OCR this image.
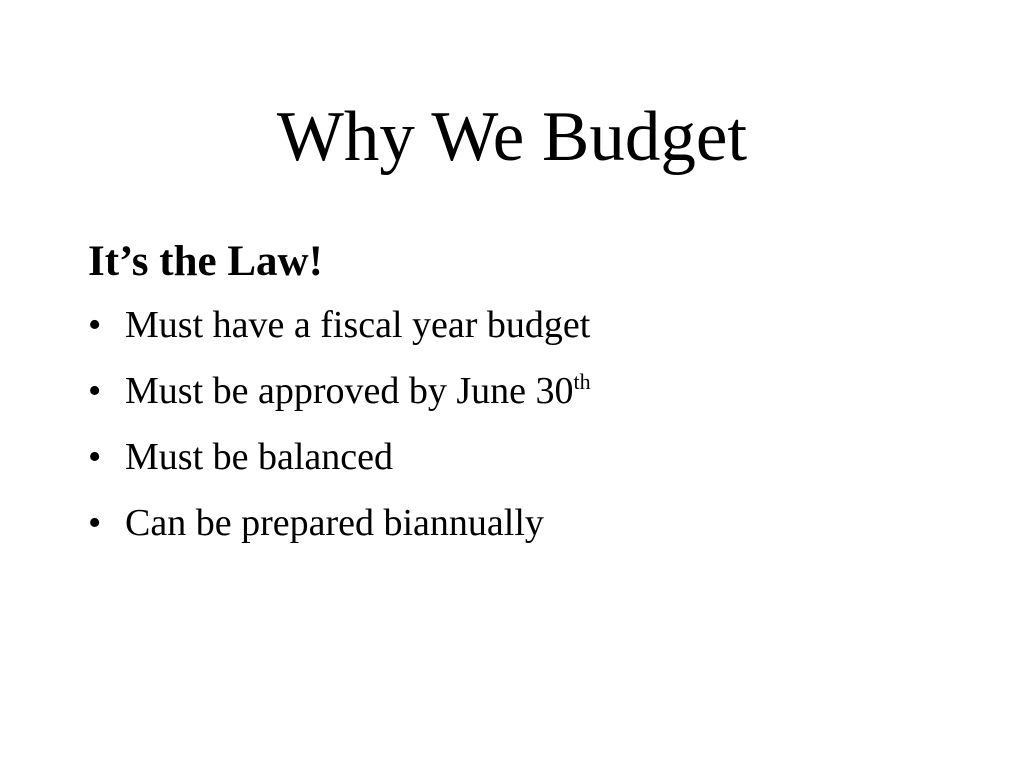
Why We Budget

It’s the Law!

• Must have a fiscal year budget
• Must be approved by June 30th
• Must be balanced
• Can be prepared biannually
